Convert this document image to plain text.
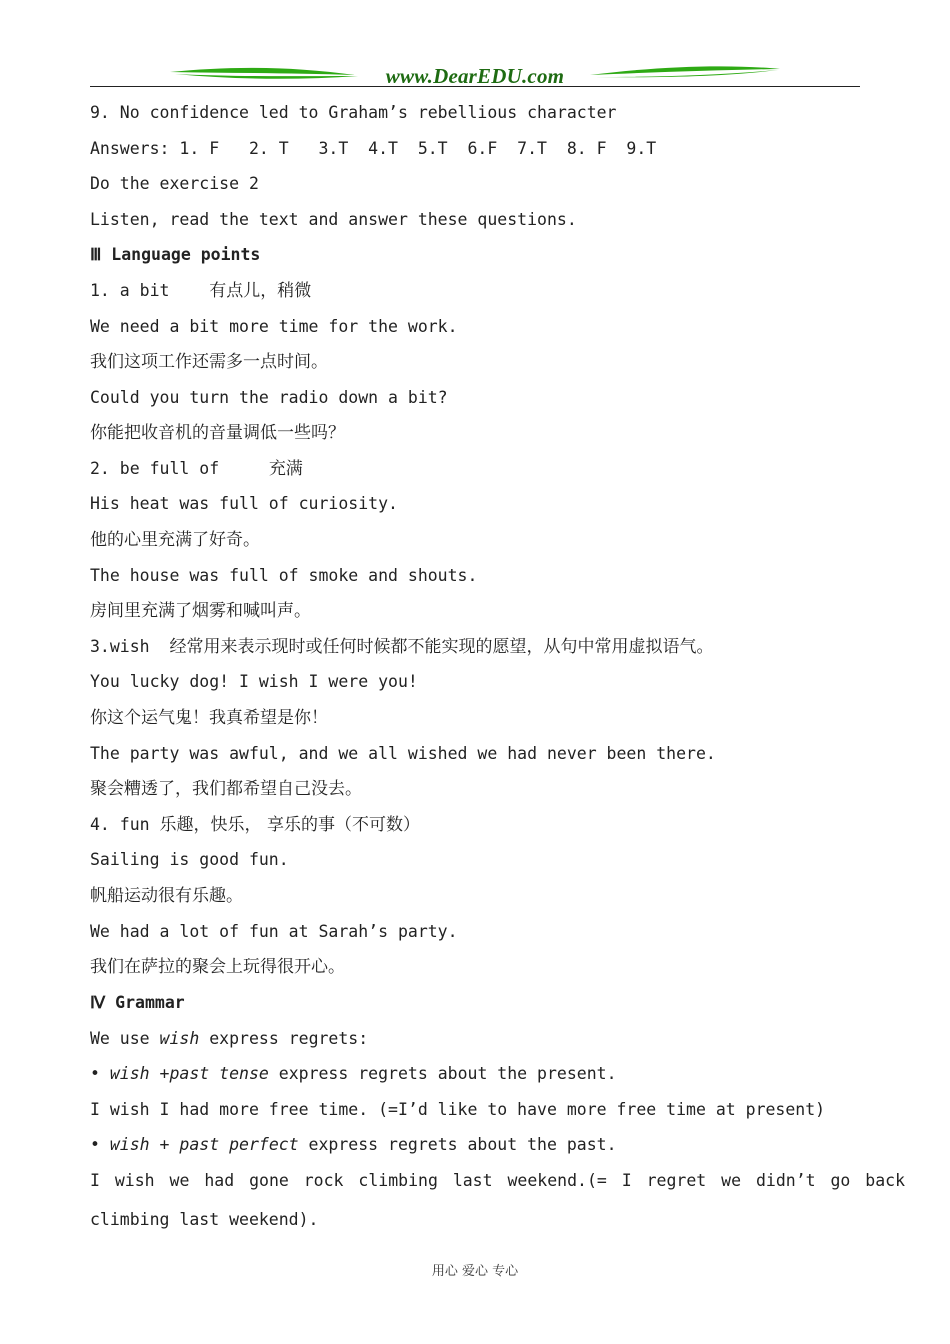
www.DearEDU.com
9. No confidence led to Graham’s rebellious character
Answers: 1. F   2. T   3.T  4.T  5.T  6.F  7.T  8. F  9.T
Do the exercise 2
Listen, read the text and answer these questions.
Ⅲ Language points
1. a bit    有点儿，稍微
We need a bit more time for the work.
我们这项工作还需多一点时间。
Could you turn the radio down a bit?
你能把收音机的音量调低一些吗？
2. be full of     充满
His heat was full of curiosity.
他的心里充满了好奇。
The house was full of smoke and shouts.
房间里充满了烟雾和喊叫声。
3.wish  经常用来表示现时或任何时候都不能实现的愿望，从句中常用虚拟语气。
You lucky dog! I wish I were you!
你这个运气鬼！我真希望是你！
The party was awful, and we all wished we had never been there.
聚会糟透了，我们都希望自己没去。
4. fun 乐趣，快乐， 享乐的事（不可数）
Sailing is good fun.
帆船运动很有乐趣。
We had a lot of fun at Sarah’s party.
我们在萨拉的聚会上玩得很开心。
Ⅳ Grammar
We use wish express regrets:
• wish +past tense express regrets about the present.
I wish I had more free time. (=I’d like to have more free time at present)
• wish + past perfect express regrets about the past.
I wish we had gone rock climbing last weekend.(= I regret we didn’t go back
climbing last weekend).
用心 爱心 专心
